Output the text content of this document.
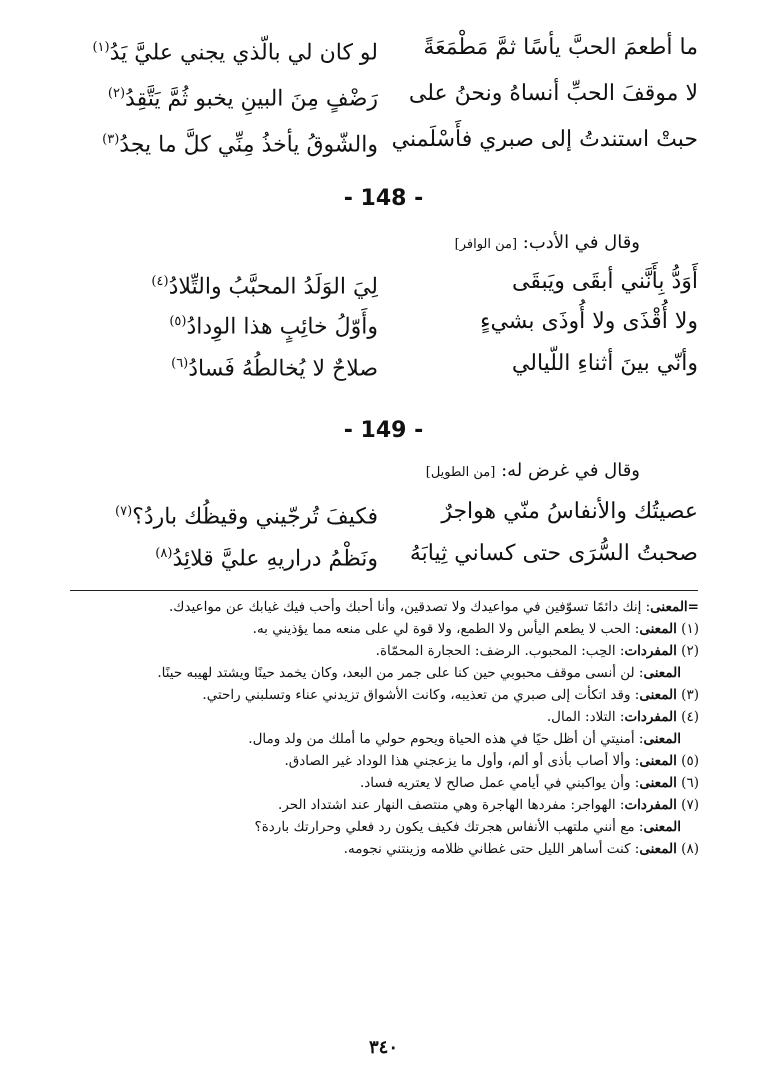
ما أطعمَ الحبَّ يأسًا ثمَّ مَطْمَعَةً
لو كان لي بالّذي يجني عليَّ يَدُ$^{(١)}$
لا موقفَ الحبِّ أنساهُ ونحنُ على
رَضْفٍ مِنَ البينِ يخبو ثُمَّ يَتَّقِدُ$^{(٢)}$
حبتْ استندتُ إلى صبري فأَسْلَمني
والشّوقُ يأخذُ مِنِّي كلَّ ما يجدُ$^{(٣)}$
- 148 -
وقال في الأدب: [من الوافر]
أَوَدُّ بِأَنَّني أبقَى ويَبقَى
لِيَ الوَلَدُ المحبَّبُ والتِّلادُ$^{(٤)}$
ولا أُقْذَى ولا أُوذَى بشيءٍ
وأَوّلُ خائِبٍ هذا الوِدادُ$^{(٥)}$
وأنّي بينَ أثناءِ اللّيالي
صلاحٌ لا يُخالطُهُ فَسادُ$^{(٦)}$
- 149 -
وقال في غرض له: [من الطويل]
عصيتُك والأنفاسُ منّي هواجرٌ
فكيفَ تُرجّيني وقيظُك باردُ؟$^{(٧)}$
صحبتُ السُّرَى حتى كساني ثِيابَهُ
ونَظْمُ دراريهِ عليَّ قلائِدُ$^{(٨)}$
=المعنى: إنك دائمًا تسوّفين في مواعيدك ولا تصدقين، وأنا أحبك وأحب فيك غيابك عن مواعيدك.
(١) المعنى: الحب لا يطعم اليأس ولا الطمع، ولا قوة لي على منعه مما يؤذيني به.
(٢) المفردات: الحِب: المحبوب. الرضف: الحجارة المحمّاة.
المعنى: لن أنسى موقف محبوبي حين كنا على جمر من البعد، وكان يخمد حينًا ويشتد لهيبه حينًا.
(٣) المعنى: وقد اتكأت إلى صبري من تعذيبه، وكانت الأشواق تزيدني عناء وتسلبني راحتي.
(٤) المفردات: التلاد: المال.
المعنى: أمنيتي أن أظل حيًا في هذه الحياة ويحوم حولي ما أملك من ولد ومال.
(٥) المعنى: وألا أصاب بأذى أو ألم، وأول ما يزعجني هذا الوداد غير الصادق.
(٦) المعنى: وأن يواكبني في أيامي عمل صالح لا يعتريه فساد.
(٧) المفردات: الهواجر: مفردها الهاجرة وهي منتصف النهار عند اشتداد الحر.
المعنى: مع أنني ملتهب الأنفاس هجرتك فكيف يكون رد فعلي وحرارتك باردة؟
(٨) المعنى: كنت أساهر الليل حتى غطاني ظلامه وزينتني نجومه.
٣٤٠
